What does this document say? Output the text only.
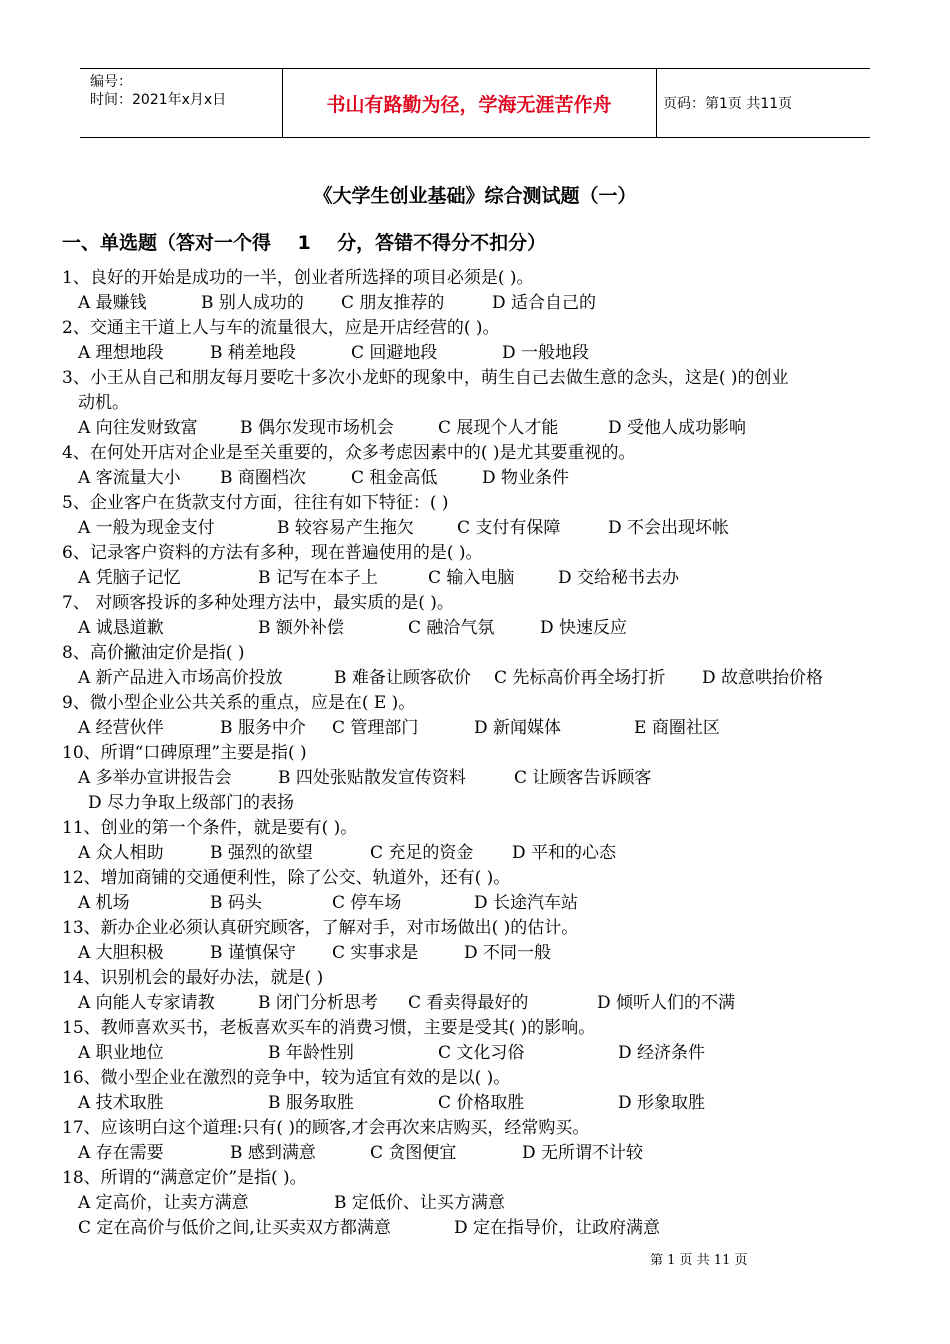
编号：
时间：2021年x月x日	书山有路勤为径，学海无涯苦作舟	页码：第1页 共11页
《大学生创业基础》综合测试题（一）
一、单选题（答对一个得    1    分，答错不得分不扣分）
1、良好的开始是成功的一半，创业者所选择的项目必须是( )。
A 最赚钱	B 别人成功的 C 朋友推荐的	D 适合自己的
2、交通主干道上人与车的流量很大，应是开店经营的( )。
A 理想地段	B 稍差地段	C 回避地段	D 一般地段
3、小王从自己和朋友每月要吃十多次小龙虾的现象中，萌生自己去做生意的念头，这是( )的创业
动机。
A 向往发财致富 B 偶尔发现市场机会	C 展现个人才能	D 受他人成功影响
4、在何处开店对企业是至关重要的，众多考虑因素中的( )是尤其要重视的。
A 客流量大小 B 商圈档次	C 租金高低	D 物业条件
5、企业客户在货款支付方面，往往有如下特征：( )
A 一般为现金支付	B 较容易产生拖欠	C 支付有保障	D 不会出现坏帐
6、记录客户资料的方法有多种，现在普遍使用的是( )。
A 凭脑子记忆	B 记写在本子上	C 输入电脑	D 交给秘书去办
7、 对顾客投诉的多种处理方法中，最实质的是( )。
A 诚恳道歉	B 额外补偿	C 融洽气氛	D 快速反应
8、高价撇油定价是指( )
A 新产品进入市场高价投放	B 难备让顾客砍价 C 先标高价再全场打折 D 故意哄抬价格
9、微小型企业公共关系的重点，应是在( E )。
A 经营伙伴	B 服务中介 C 管理部门	D 新闻媒体	E 商圈社区
10、所谓“口碑原理”主要是指( )
A 多举办宣讲报告会	B 四处张贴散发宣传资料	C 让顾客告诉顾客
D 尽力争取上级部门的表扬
11、创业的第一个条件，就是要有( )。
A 众人相助	B 强烈的欲望	C 充足的资金 D 平和的心态
12、增加商铺的交通便利性，除了公交、轨道外，还有( )。
A 机场	B 码头	C 停车场	D 长途汽车站
13、新办企业必须认真研究顾客，了解对手，对市场做出( )的估计。
A 大胆积极	B 谨慎保守 C 实事求是	D 不同一般
14、识别机会的最好办法，就是( )
A 向能人专家请教	B 闭门分析思考 C 看卖得最好的	D 倾听人们的不满
15、教师喜欢买书，老板喜欢买车的消费习惯，主要是受其( )的影响。
A 职业地位	B 年龄性别	C 文化习俗	D 经济条件
16、微小型企业在激烈的竞争中，较为适宜有效的是以( )。
A 技术取胜	B 服务取胜	C 价格取胜	D 形象取胜
17、应该明白这个道理:只有( )的顾客,才会再次来店购买，经常购买。
A 存在需要	B 感到满意	C 贪图便宜	D 无所谓不计较
18、所谓的“满意定价”是指( )。
A 定高价，让卖方满意	B 定低价、让买方满意
C 定在高价与低价之间,让买卖双方都满意	D 定在指导价，让政府满意
第 1 页 共 11 页
